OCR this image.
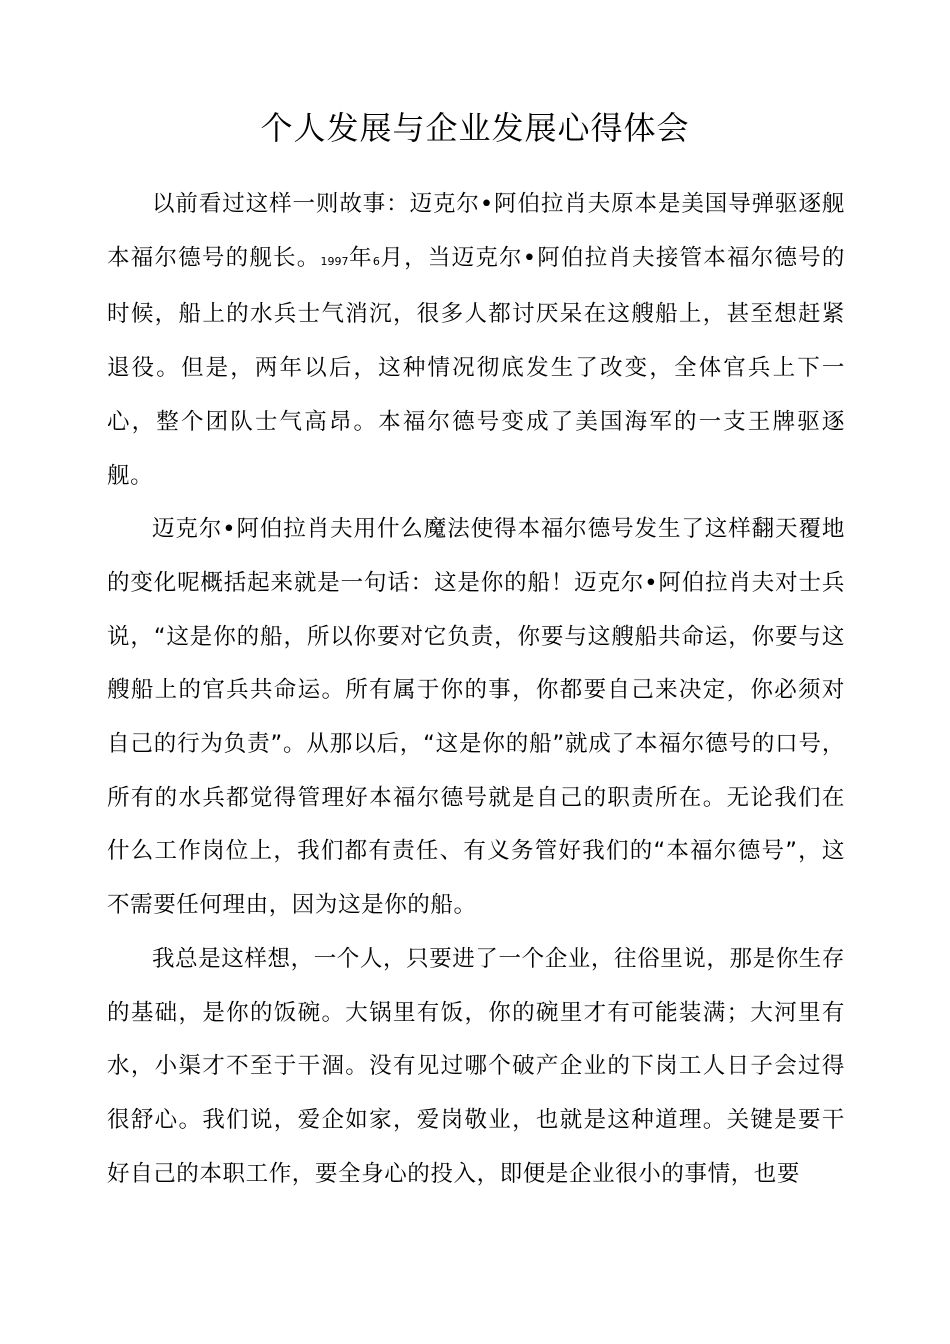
个人发展与企业发展心得体会

以前看过这样一则故事：迈克尔•阿伯拉肖夫原本是美国导弹驱逐舰本福尔德号的舰长。1997年6月，当迈克尔•阿伯拉肖夫接管本福尔德号的时候，船上的水兵士气消沉，很多人都讨厌呆在这艘船上，甚至想赶紧退役。但是，两年以后，这种情况彻底发生了改变，全体官兵上下一心，整个团队士气高昂。本福尔德号变成了美国海军的一支王牌驱逐舰。

迈克尔•阿伯拉肖夫用什么魔法使得本福尔德号发生了这样翻天覆地的变化呢概括起来就是一句话：这是你的船！迈克尔•阿伯拉肖夫对士兵说，“这是你的船，所以你要对它负责，你要与这艘船共命运，你要与这艘船上的官兵共命运。所有属于你的事，你都要自己来决定，你必须对自己的行为负责”。从那以后，“这是你的船”就成了本福尔德号的口号，所有的水兵都觉得管理好本福尔德号就是自己的职责所在。无论我们在什么工作岗位上，我们都有责任、有义务管好我们的“本福尔德号”，这不需要任何理由，因为这是你的船。

我总是这样想，一个人，只要进了一个企业，往俗里说，那是你生存的基础，是你的饭碗。大锅里有饭，你的碗里才有可能装满；大河里有水，小渠才不至于干涸。没有见过哪个破产企业的下岗工人日子会过得很舒心。我们说，爱企如家，爱岗敬业，也就是这种道理。关键是要干好自己的本职工作，要全身心的投入，即便是企业很小的事情，也要
